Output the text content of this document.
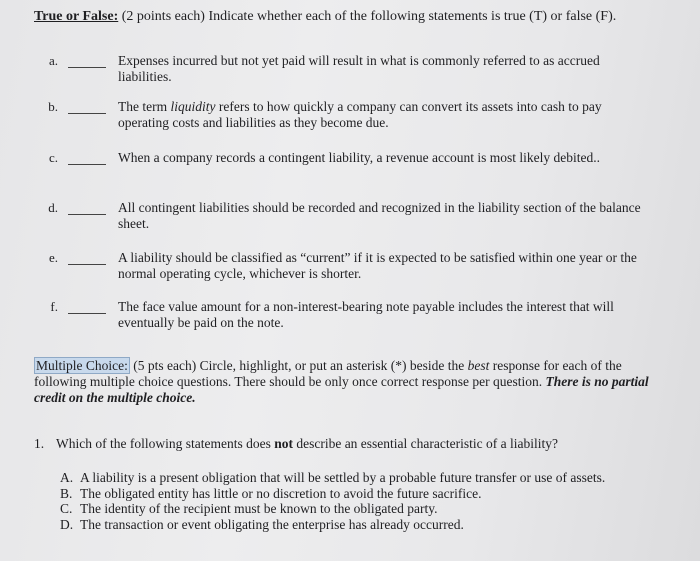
True or False: (2 points each) Indicate whether each of the following statements is true (T) or false (F).
a.	Expenses incurred but not yet paid will result in what is commonly referred to as accrued liabilities.
b.	The term liquidity refers to how quickly a company can convert its assets into cash to pay operating costs and liabilities as they become due.
c.	When a company records a contingent liability, a revenue account is most likely debited..
d.	All contingent liabilities should be recorded and recognized in the liability section of the balance sheet.
e.	A liability should be classified as “current” if it is expected to be satisfied within one year or the normal operating cycle, whichever is shorter.
f.	The face value amount for a non-interest-bearing note payable includes the interest that will eventually be paid on the note.
Multiple Choice: (5 pts each) Circle, highlight, or put an asterisk (*) beside the best response for each of the following multiple choice questions. There should be only once correct response per question. There is no partial credit on the multiple choice.
1. Which of the following statements does not describe an essential characteristic of a liability?
A. A liability is a present obligation that will be settled by a probable future transfer or use of assets.
B. The obligated entity has little or no discretion to avoid the future sacrifice.
C. The identity of the recipient must be known to the obligated party.
D. The transaction or event obligating the enterprise has already occurred.
